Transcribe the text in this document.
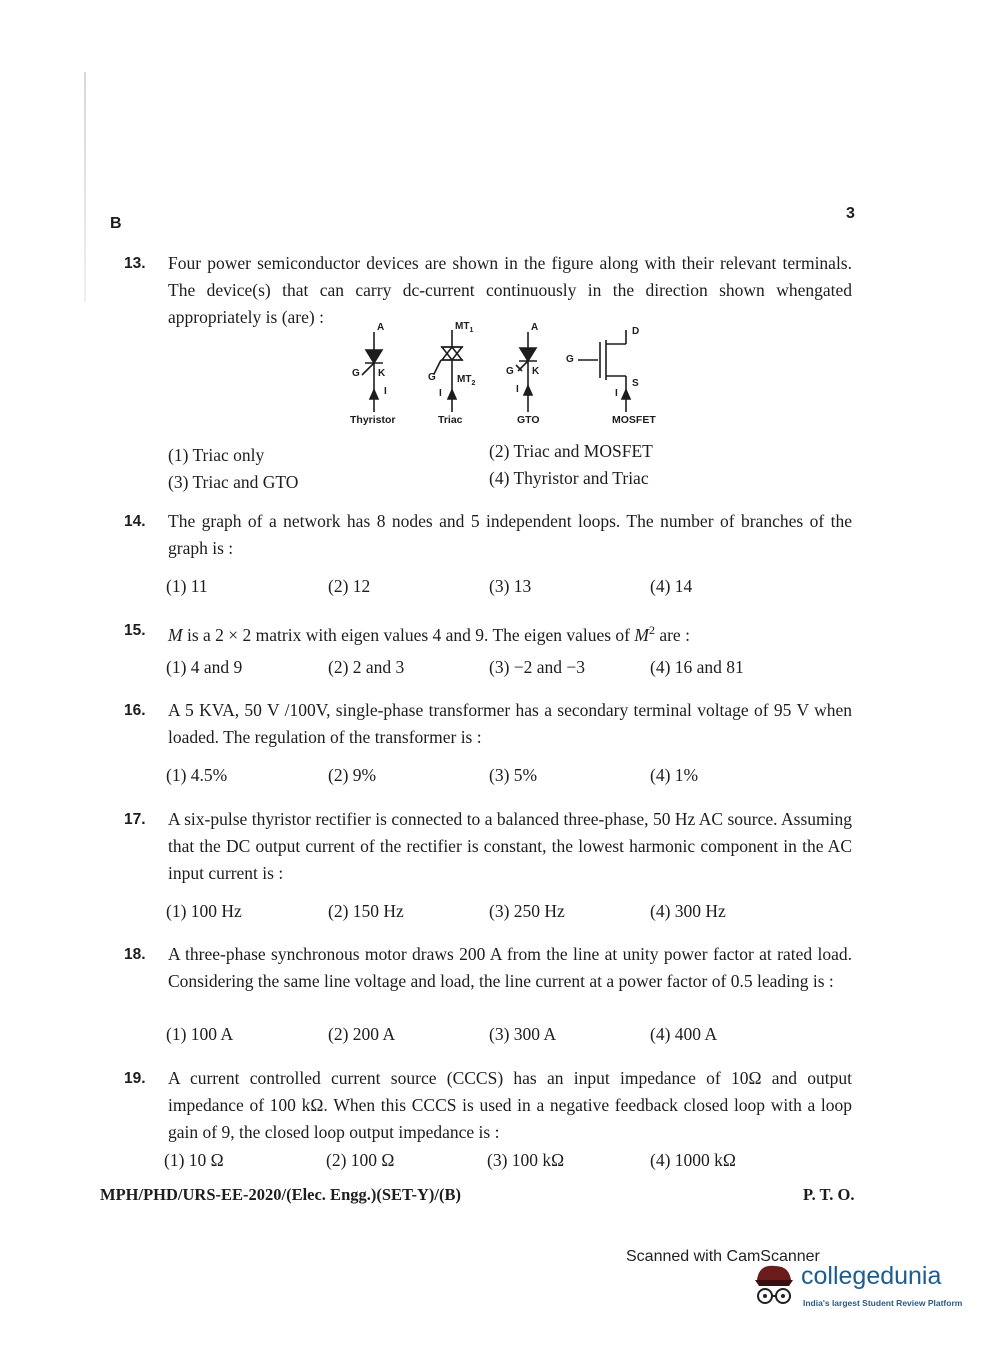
B
3
13. Four power semiconductor devices are shown in the figure along with their relevant terminals. The device(s) that can carry dc-current continuously in the direction shown whengated appropriately is (are) :
A
G K
I
Thyristor
$MT_1$
G $MT_2$
I
Triac
A
G K
I
GTO
D
G
S
I
MOSFET
(1) Triac only
(3) Triac and GTO
(2) Triac and MOSFET
(4) Thyristor and Triac
14. The graph of a network has 8 nodes and 5 independent loops. The number of branches of the graph is :
(1) 11	(2) 12	(3) 13	(4) 14
15. M is a 2 × 2 matrix with eigen values 4 and 9. The eigen values of $M^2$ are :
(1) 4 and 9	(2) 2 and 3	(3) −2 and −3	(4) 16 and 81
16. A 5 KVA, 50 V /100V, single-phase transformer has a secondary terminal voltage of 95 V when loaded. The regulation of the transformer is :
(1) 4.5%	(2) 9%	(3) 5%	(4) 1%
17. A six-pulse thyristor rectifier is connected to a balanced three-phase, 50 Hz AC source. Assuming that the DC output current of the rectifier is constant, the lowest harmonic component in the AC input current is :
(1) 100 Hz	(2) 150 Hz	(3) 250 Hz	(4) 300 Hz
18. A three-phase synchronous motor draws 200 A from the line at unity power factor at rated load. Considering the same line voltage and load, the line current at a power factor of 0.5 leading is :
(1) 100 A	(2) 200 A	(3) 300 A	(4) 400 A
19. A current controlled current source (CCCS) has an input impedance of 10Ω and output impedance of 100 kΩ. When this CCCS is used in a negative feedback closed loop with a loop gain of 9, the closed loop output impedance is :
(1) 10 Ω	(2) 100 Ω	(3) 100 kΩ	(4) 1000 kΩ
MPH/PHD/URS-EE-2020/(Elec. Engg.)(SET-Y)/(B)	P. T. O.
Scanned with CamScanner
collegedunia
India's largest Student Review Platform
